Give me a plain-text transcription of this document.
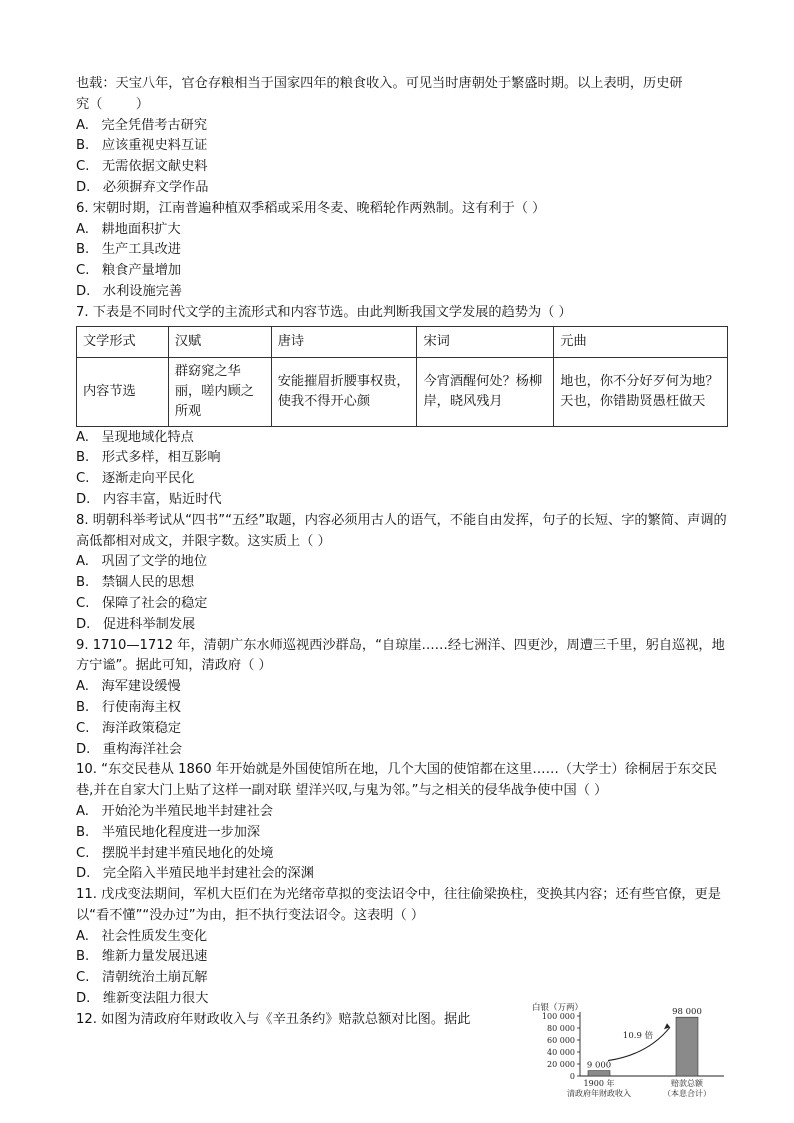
也载：天宝八年，官仓存粮相当于国家四年的粮食收入。可见当时唐朝处于繁盛时期。以上表明，历史研
究（        ）
A.   完全凭借考古研究
B.   应该重视史料互证
C.   无需依据文献史料
D.   必须摒弃文学作品
6. 宋朝时期，江南普遍种植双季稻或采用冬麦、晚稻轮作两熟制。这有利于（ ）
A.   耕地面积扩大
B.   生产工具改进
C.   粮食产量增加
D.   水利设施完善
7. 下表是不同时代文学的主流形式和内容节选。由此判断我国文学发展的趋势为（ ）
文学形式	汉赋	唐诗	宋词	元曲
内容节选	群窈窕之华丽，嗟内顾之所观	安能摧眉折腰事权贵，使我不得开心颜	今宵酒醒何处？杨柳岸，晓风残月	地也，你不分好歹何为地？天也，你错勘贤愚枉做天
A.   呈现地域化特点
B.   形式多样，相互影响
C.   逐渐走向平民化
D.   内容丰富，贴近时代
8. 明朝科举考试从“四书”“五经”取题，内容必须用古人的语气，不能自由发挥，句子的长短、字的繁简、声调的高低都相对成文，并限字数。这实质上（ ）
A.   巩固了文学的地位
B.   禁锢人民的思想
C.   保障了社会的稳定
D.   促进科举制发展
9. 1710—1712 年，清朝广东水师巡视西沙群岛，“自琼崖……经七洲洋、四更沙，周遭三千里，躬自巡视，地方宁谧”。据此可知，清政府（ ）
A.   海军建设缓慢
B.   行使南海主权
C.   海洋政策稳定
D.   重构海洋社会
10. “东交民巷从 1860 年开始就是外国使馆所在地，几个大国的使馆都在这里……（大学士）徐桐居于东交民巷,并在自家大门上贴了这样一副对联 望洋兴叹,与鬼为邻。”与之相关的侵华战争使中国（ ）
A.   开始沦为半殖民地半封建社会
B.   半殖民地化程度进一步加深
C.   摆脱半封建半殖民地化的处境
D.   完全陷入半殖民地半封建社会的深渊
11. 戊戌变法期间，军机大臣们在为光绪帝草拟的变法诏令中，往往偷梁换柱，变换其内容；还有些官僚，更是以“看不懂”“没办过”为由，拒不执行变法诏令。这表明（ ）
A.   社会性质发生变化
B.   维新力量发展迅速
C.   清朝统治土崩瓦解
D.   维新变法阻力很大
12. 如图为清政府年财政收入与《辛丑条约》赔款总额对比图。据此
白银（万两）
100 000
80 000
60 000
40 000
20 000
0
9 000
1900 年
清政府年财政收入
98 000
赔款总额
（本息合计）
10.9 倍
